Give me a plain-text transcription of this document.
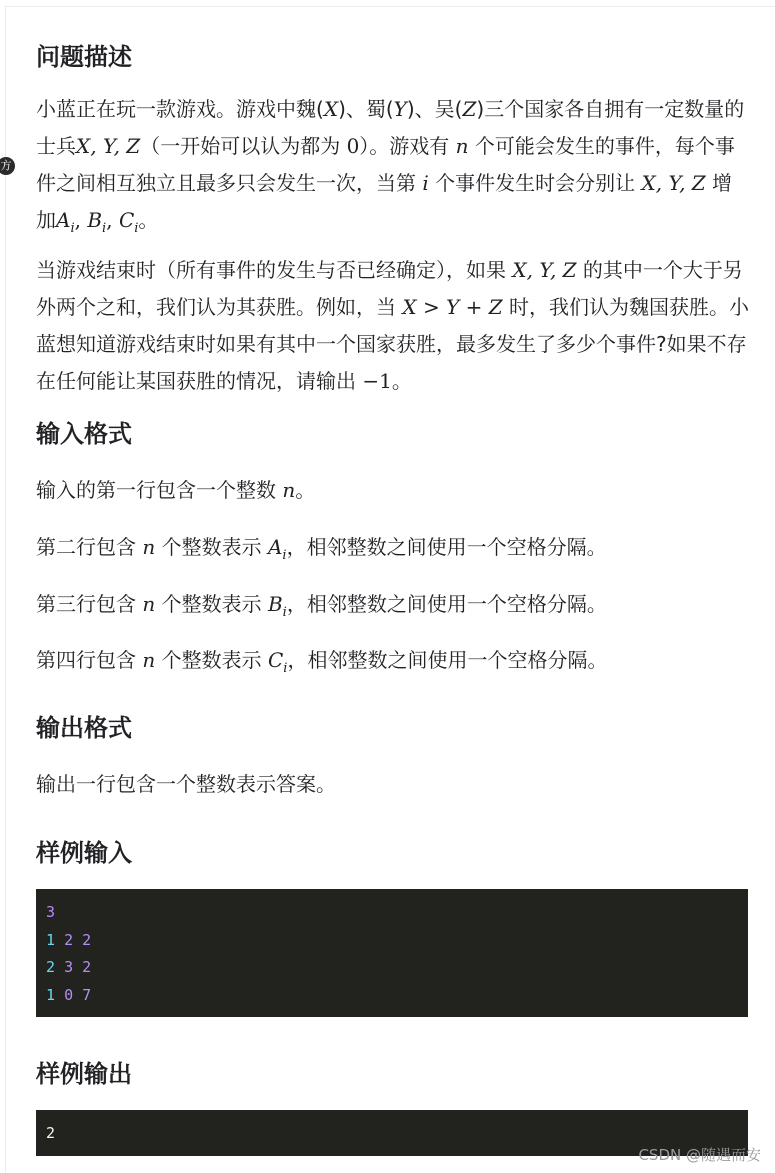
方
问题描述

小蓝正在玩一款游戏。游戏中魏(X)、蜀(Y)、吴(Z)三个国家各自拥有一定数量的士兵X, Y, Z（一开始可以认为都为 0）。游戏有 n 个可能会发生的事件，每个事件之间相互独立且最多只会发生一次，当第 i 个事件发生时会分别让 X, Y, Z 增加$A_i$, $B_i$, $C_i$。

当游戏结束时（所有事件的发生与否已经确定），如果 X, Y, Z 的其中一个大于另外两个之和，我们认为其获胜。例如，当 X > Y + Z 时，我们认为魏国获胜。小蓝想知道游戏结束时如果有其中一个国家获胜，最多发生了多少个事件?如果不存在任何能让某国获胜的情况，请输出 −1。

输入格式

输入的第一行包含一个整数 n。

第二行包含 n 个整数表示 $A_i$，相邻整数之间使用一个空格分隔。

第三行包含 n 个整数表示 $B_i$，相邻整数之间使用一个空格分隔。

第四行包含 n 个整数表示 $C_i$，相邻整数之间使用一个空格分隔。

输出格式

输出一行包含一个整数表示答案。

样例输入
3
1 2 2
2 3 2
1 0 7
样例输出
2
CSDN @随遇而安
